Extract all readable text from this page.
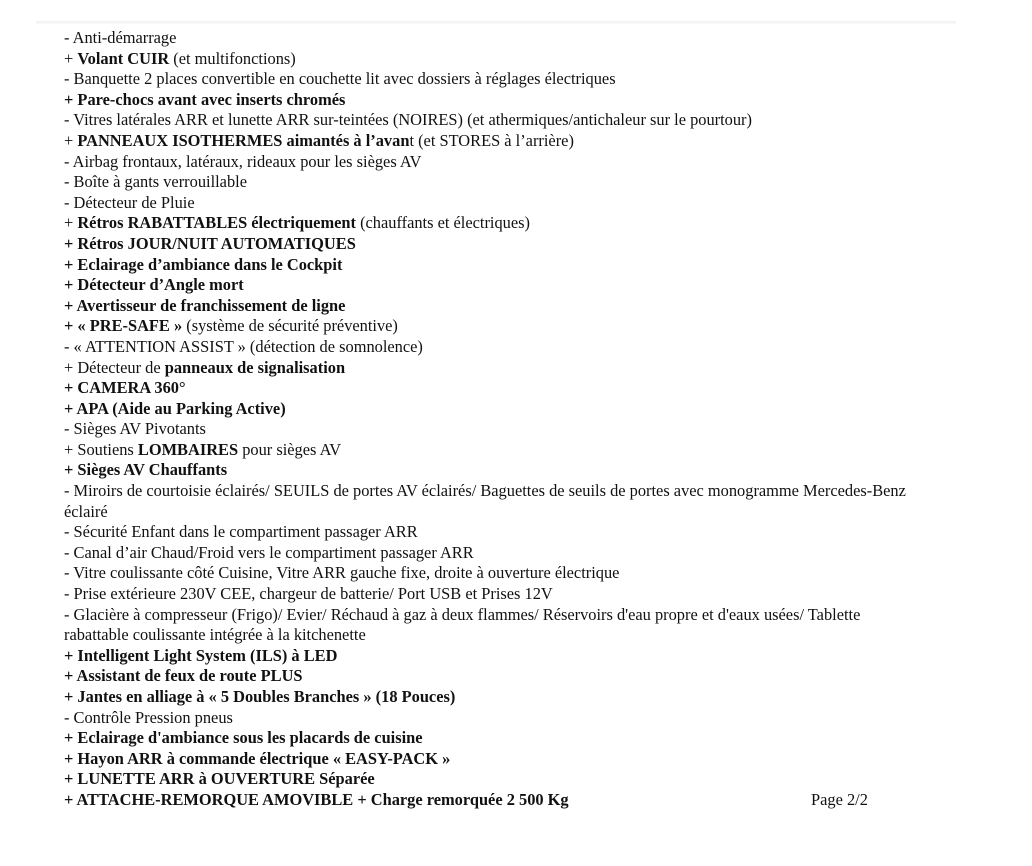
- Anti-démarrage
+ Volant CUIR (et multifonctions)
- Banquette 2 places convertible en couchette lit avec dossiers à réglages électriques
+ Pare-chocs avant avec inserts chromés
- Vitres latérales ARR et lunette ARR sur-teintées (NOIRES) (et athermiques/antichaleur sur le pourtour)
+ PANNEAUX ISOTHERMES aimantés à l’avant (et STORES à l’arrière)
- Airbag frontaux, latéraux, rideaux pour les sièges AV
- Boîte à gants verrouillable
- Détecteur de Pluie
+ Rétros RABATTABLES électriquement (chauffants et électriques)
+ Rétros JOUR/NUIT AUTOMATIQUES
+ Eclairage d’ambiance dans le Cockpit
+ Détecteur d’Angle mort
+ Avertisseur de franchissement de ligne
+ « PRE-SAFE » (système de sécurité préventive)
- « ATTENTION ASSIST » (détection de somnolence)
+ Détecteur de panneaux de signalisation
+ CAMERA 360°
+ APA (Aide au Parking Active)
- Sièges AV Pivotants
+ Soutiens LOMBAIRES pour sièges AV
+ Sièges AV Chauffants
- Miroirs de courtoisie éclairés/ SEUILS de portes AV éclairés/ Baguettes de seuils de portes avec monogramme Mercedes-Benz éclairé
- Sécurité Enfant dans le compartiment passager ARR
- Canal d’air Chaud/Froid vers le compartiment passager ARR
- Vitre coulissante côté Cuisine, Vitre ARR gauche fixe, droite à ouverture électrique
- Prise extérieure 230V CEE, chargeur de batterie/ Port USB et Prises 12V
- Glacière à compresseur (Frigo)/ Evier/ Réchaud à gaz à deux flammes/ Réservoirs d'eau propre et d'eaux usées/ Tablette rabattable coulissante intégrée à la kitchenette
+ Intelligent Light System (ILS) à LED
+ Assistant de feux de route PLUS
+ Jantes en alliage à « 5 Doubles Branches » (18 Pouces)
- Contrôle Pression pneus
+ Eclairage d'ambiance sous les placards de cuisine
+ Hayon ARR à commande électrique « EASY-PACK »
+ LUNETTE ARR à OUVERTURE Séparée
+ ATTACHE-REMORQUE AMOVIBLE + Charge remorquée 2 500 Kg	Page 2/2
